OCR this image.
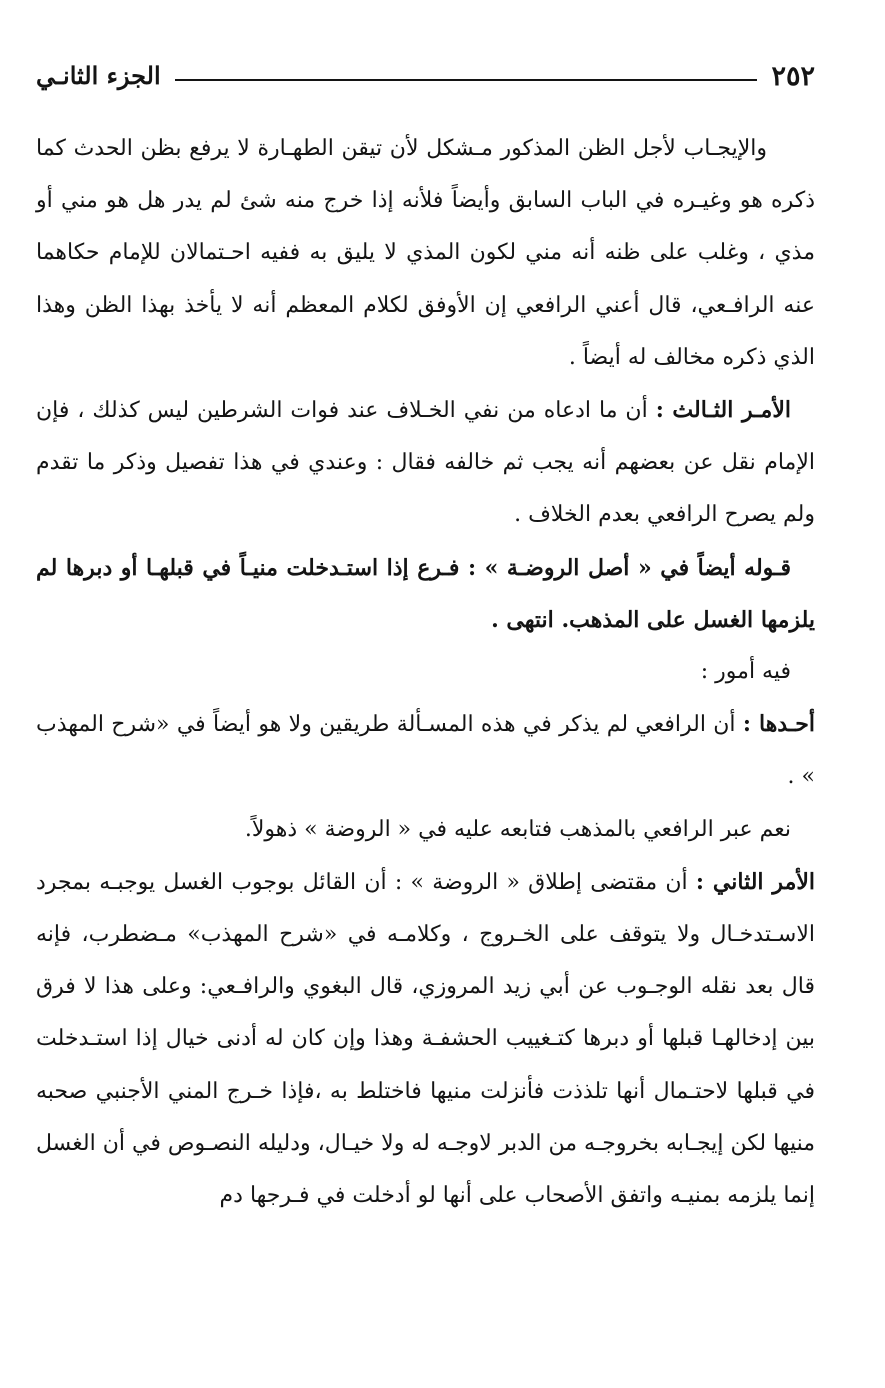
٢٥٢
الجزء الثانـي

والإيجـاب لأجل الظن المذكور مـشكل لأن تيقن الطهـارة لا يرفع بظن الحدث كما ذكره هو وغيـره في الباب السابق وأيضاً فلأنه إذا خرج منه شئ لم يدر هل هو مني أو مذي ، وغلب على ظنه أنه مني لكون المذي لا يليق به ففيه احـتمالان للإمام حكاهما عنه الرافـعي، قال أعني الرافعي إن الأوفق لكلام المعظم أنه لا يأخذ بهذا الظن وهذا الذي ذكره مخالف له أيضاً .

الأمـر الثـالث : أن ما ادعاه من نفي الخـلاف عند فوات الشرطين ليس كذلك ، فإن الإمام نقل عن بعضهم أنه يجب ثم خالفه فقال : وعندي في هذا تفصيل وذكر ما تقدم ولم يصرح الرافعي بعدم الخلاف .

قـوله أيضاً في « أصل الروضـة » : فـرع إذا استـدخلت منيـاً في قبلهـا أو دبرها لم يلزمها الغسل على المذهب. انتهى .

فيه أمور :

أحـدها : أن الرافعي لم يذكر في هذه المسـألة طريقين ولا هو أيضاً في «شرح المهذب » .

نعم عبر الرافعي بالمذهب فتابعه عليه في « الروضة » ذهولاً.

الأمر الثاني : أن مقتضى إطلاق « الروضة » : أن القائل بوجوب الغسل يوجبـه بمجرد الاسـتدخـال ولا يتوقف على الخـروج ، وكلامـه في «شرح المهذب» مـضطرب، فإنه قال بعد نقله الوجـوب عن أبي زيد المروزي، قال البغوي والرافـعي: وعلى هذا لا فرق بين إدخالهـا قبلها أو دبرها كتـغييب الحشفـة وهذا وإن كان له أدنى خيال إذا استـدخلت في قبلها لاحتـمال أنها تلذذت فأنزلت منيها فاختلط به ،فإذا خـرج المني الأجنبي صحبه منيها لكن إيجـابه بخروجـه من الدبر لاوجـه له ولا خيـال، ودليله النصـوص في أن الغسل إنما يلزمه بمنيـه واتفق الأصحاب على أنها لو أدخلت في فـرجها دم
